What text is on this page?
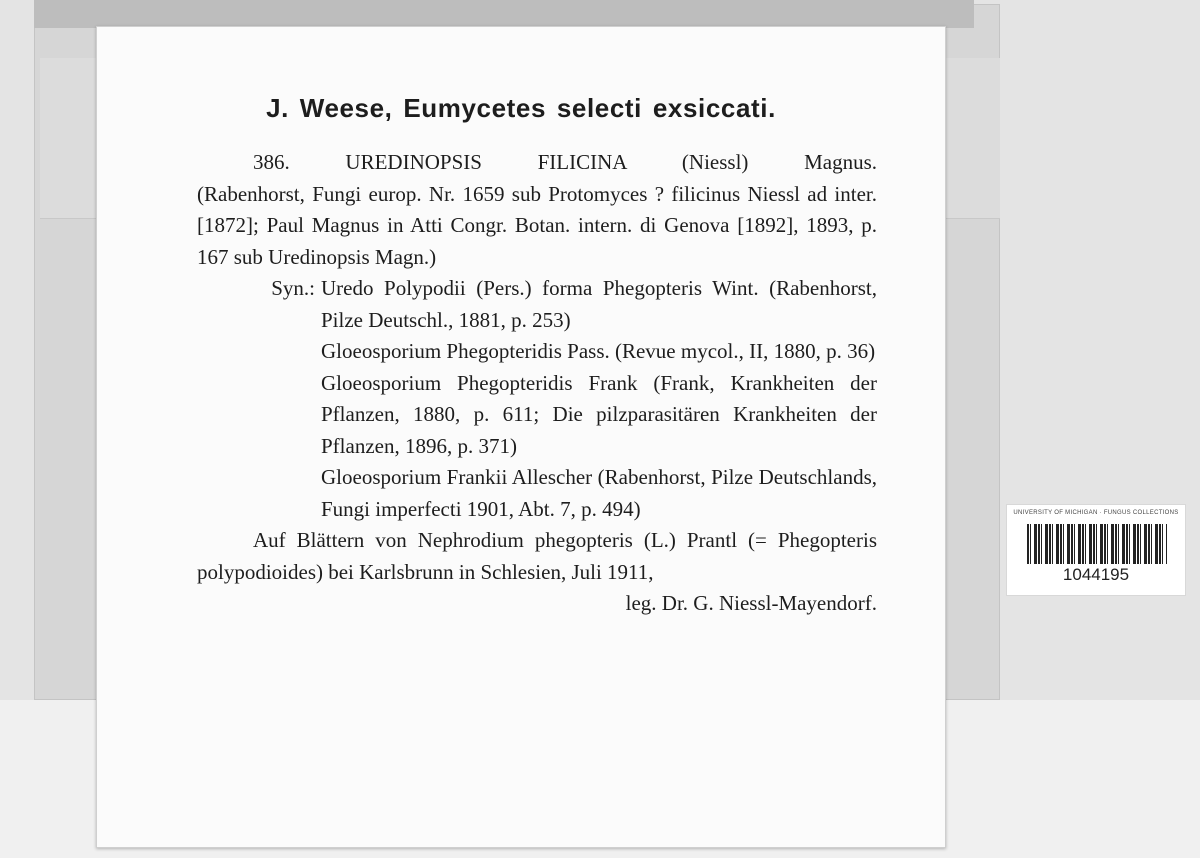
J. Weese, Eumycetes selecti exsiccati.

386. UREDINOPSIS FILICINA (Niessl) Magnus.

(Rabenhorst, Fungi europ. Nr. 1659 sub Protomyces ? filicinus Niessl ad inter. [1872]; Paul Magnus in Atti Congr. Botan. intern. di Genova [1892], 1893, p. 167 sub Uredinopsis Magn.)

Syn.: Uredo Polypodii (Pers.) forma Phegopteris Wint. (Rabenhorst, Pilze Deutschl., 1881, p. 253)

Gloeosporium Phegopteridis Pass. (Revue mycol., II, 1880, p. 36)

Gloeosporium Phegopteridis Frank (Frank, Krankheiten der Pflanzen, 1880, p. 611; Die pilzparasitären Krankheiten der Pflanzen, 1896, p. 371)

Gloeosporium Frankii Allescher (Rabenhorst, Pilze Deutschlands, Fungi imperfecti 1901, Abt. 7, p. 494)

Auf Blättern von Nephrodium phegopteris (L.) Prantl (= Phegopteris polypodioides) bei Karlsbrunn in Schlesien, Juli 1911,

leg. Dr. G. Niessl-Mayendorf.

UNIVERSITY OF MICHIGAN · FUNGUS COLLECTIONS
1044195
